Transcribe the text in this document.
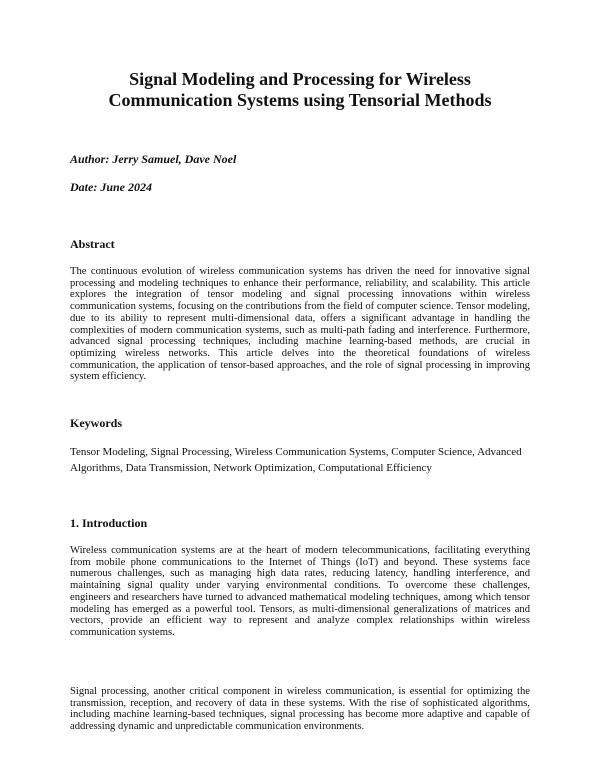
Signal Modeling and Processing for Wireless Communication Systems using Tensorial Methods

Author: Jerry Samuel, Dave Noel

Date: June 2024

Abstract

The continuous evolution of wireless communication systems has driven the need for innovative signal processing and modeling techniques to enhance their performance, reliability, and scalability. This article explores the integration of tensor modeling and signal processing innovations within wireless communication systems, focusing on the contributions from the field of computer science. Tensor modeling, due to its ability to represent multi-dimensional data, offers a significant advantage in handling the complexities of modern communication systems, such as multi-path fading and interference. Furthermore, advanced signal processing techniques, including machine learning-based methods, are crucial in optimizing wireless networks. This article delves into the theoretical foundations of wireless communication, the application of tensor-based approaches, and the role of signal processing in improving system efficiency.

Keywords

Tensor Modeling, Signal Processing, Wireless Communication Systems, Computer Science, Advanced Algorithms, Data Transmission, Network Optimization, Computational Efficiency

1. Introduction

Wireless communication systems are at the heart of modern telecommunications, facilitating everything from mobile phone communications to the Internet of Things (IoT) and beyond. These systems face numerous challenges, such as managing high data rates, reducing latency, handling interference, and maintaining signal quality under varying environmental conditions. To overcome these challenges, engineers and researchers have turned to advanced mathematical modeling techniques, among which tensor modeling has emerged as a powerful tool. Tensors, as multi-dimensional generalizations of matrices and vectors, provide an efficient way to represent and analyze complex relationships within wireless communication systems.

Signal processing, another critical component in wireless communication, is essential for optimizing the transmission, reception, and recovery of data in these systems. With the rise of sophisticated algorithms, including machine learning-based techniques, signal processing has become more adaptive and capable of addressing dynamic and unpredictable communication environments.
